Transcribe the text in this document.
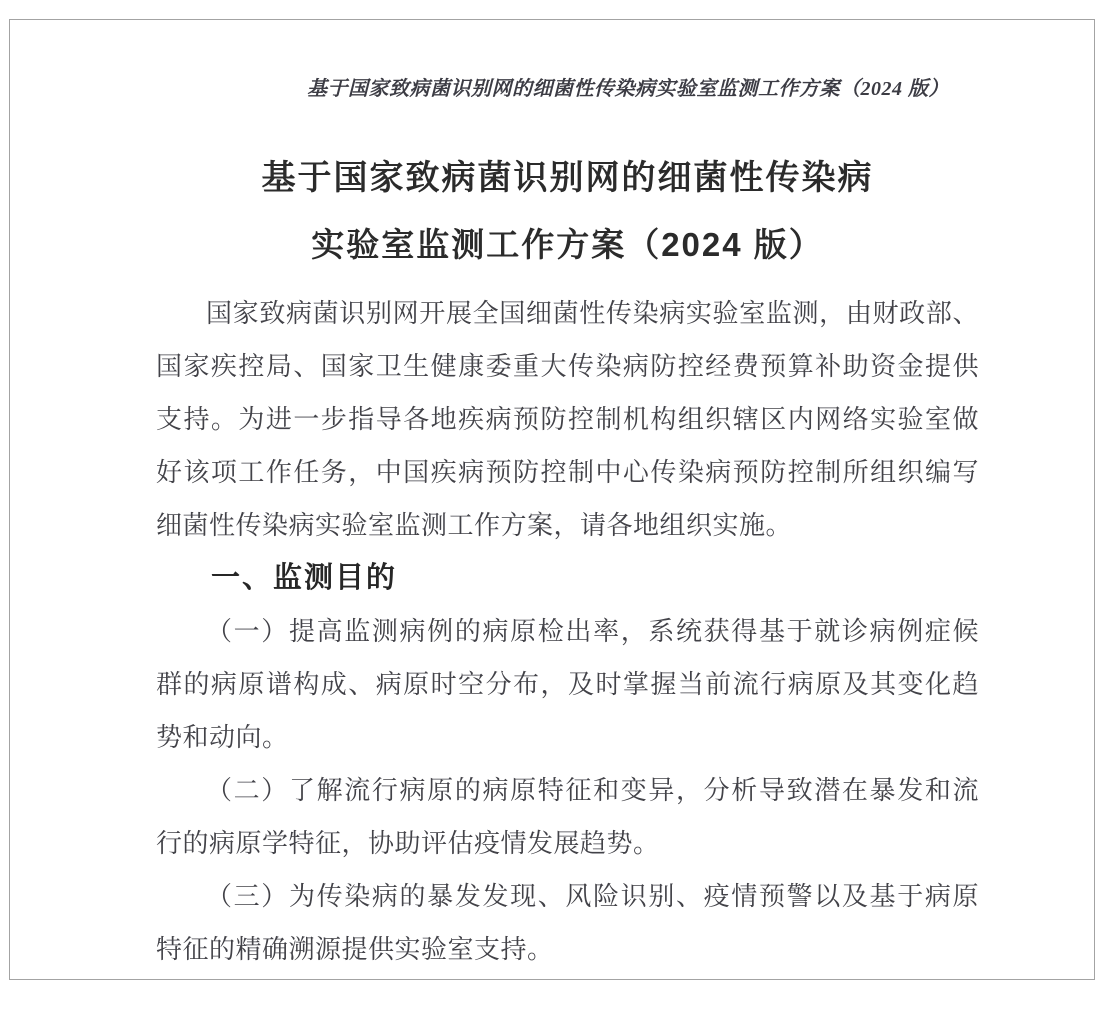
基于国家致病菌识别网的细菌性传染病实验室监测工作方案（2024 版）
基于国家致病菌识别网的细菌性传染病
实验室监测工作方案（2024 版）
国家致病菌识别网开展全国细菌性传染病实验室监测，由财政部、
国家疾控局、国家卫生健康委重大传染病防控经费预算补助资金提供
支持。为进一步指导各地疾病预防控制机构组织辖区内网络实验室做
好该项工作任务，中国疾病预防控制中心传染病预防控制所组织编写
细菌性传染病实验室监测工作方案，请各地组织实施。
一、监测目的
（一）提高监测病例的病原检出率，系统获得基于就诊病例症候
群的病原谱构成、病原时空分布，及时掌握当前流行病原及其变化趋
势和动向。
（二）了解流行病原的病原特征和变异，分析导致潜在暴发和流
行的病原学特征，协助评估疫情发展趋势。
（三）为传染病的暴发发现、风险识别、疫情预警以及基于病原
特征的精确溯源提供实验室支持。
